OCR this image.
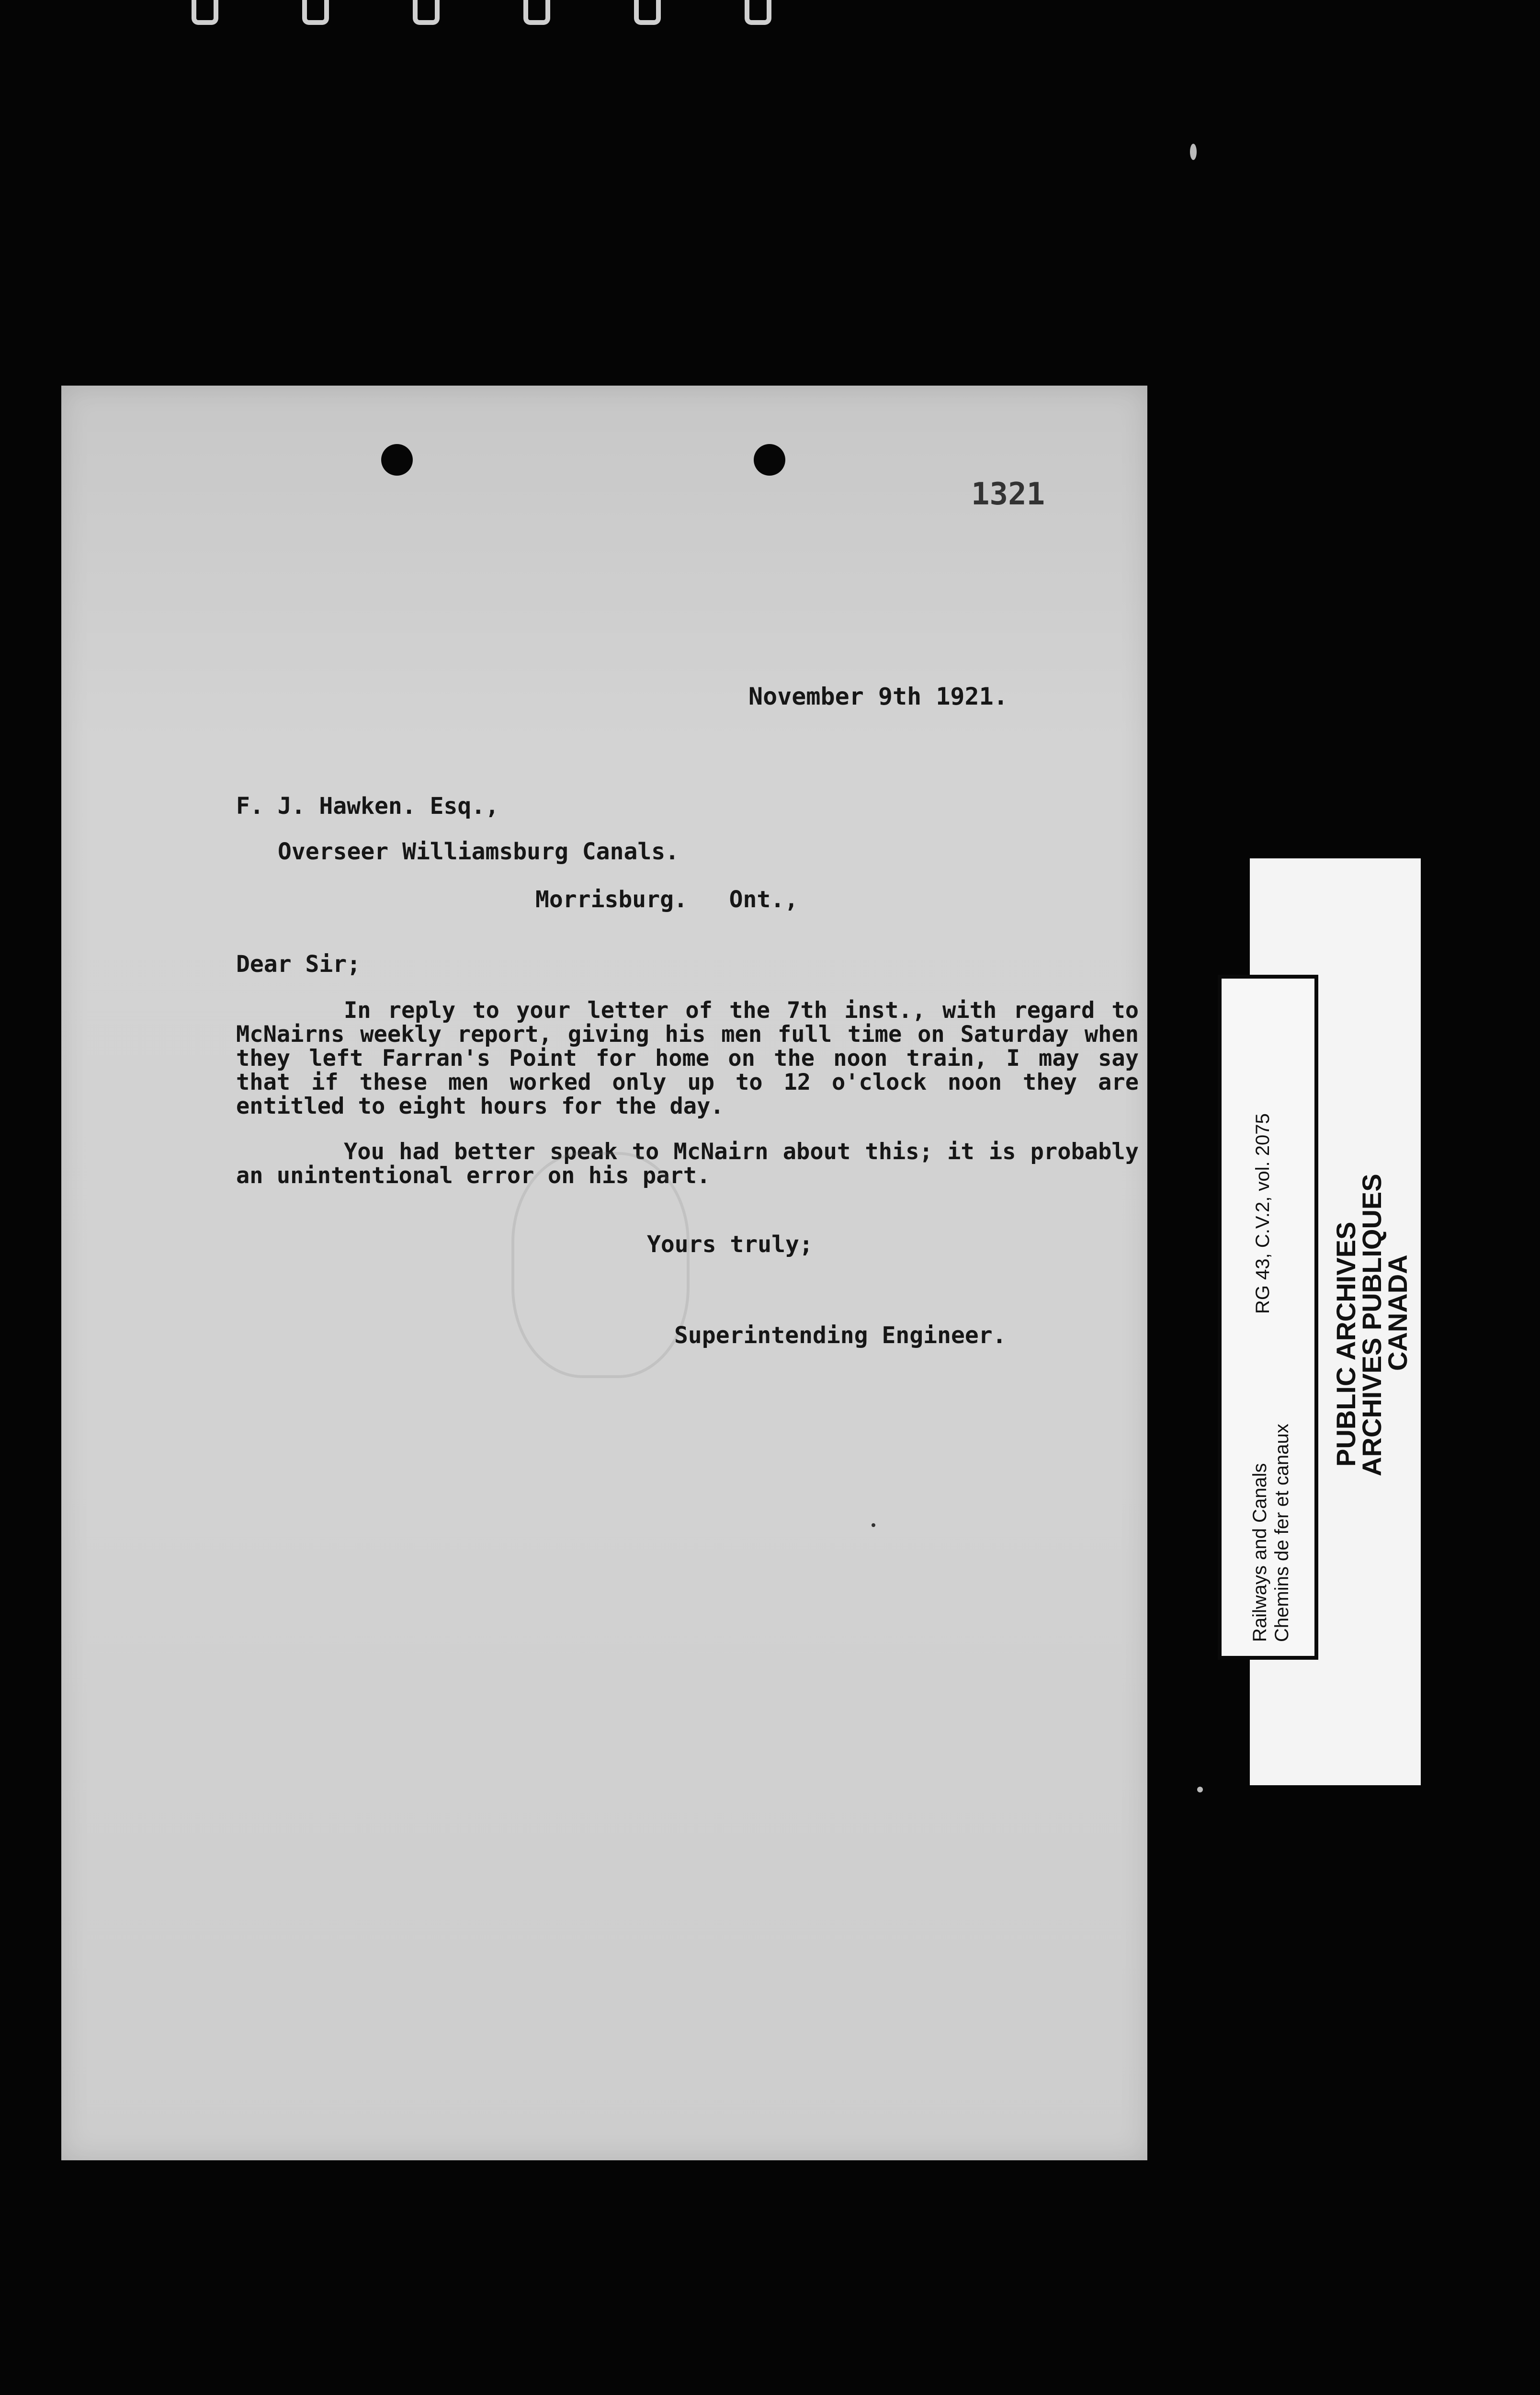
1321
November 9th 1921.
F. J. Hawken. Esq.,
Overseer Williamsburg Canals.
Morrisburg.   Ont.,
Dear Sir;
In reply to your letter of the 7th inst., with regard to McNairns weekly report, giving his men full time on Saturday when they left Farran's Point for home on the noon train, I may say that if these men worked only up to 12 o'clock noon they are entitled to eight hours for the day.
You had better speak to McNairn about this; it is probably an unintentional error on his part.
Yours truly;
Superintending Engineer.	PUBLIC ARCHIVES
ARCHIVES PUBLIQUES
CANADA
Railways and Canals Chemins de fer et canaux
RG 43, C.V.2, vol. 2075
